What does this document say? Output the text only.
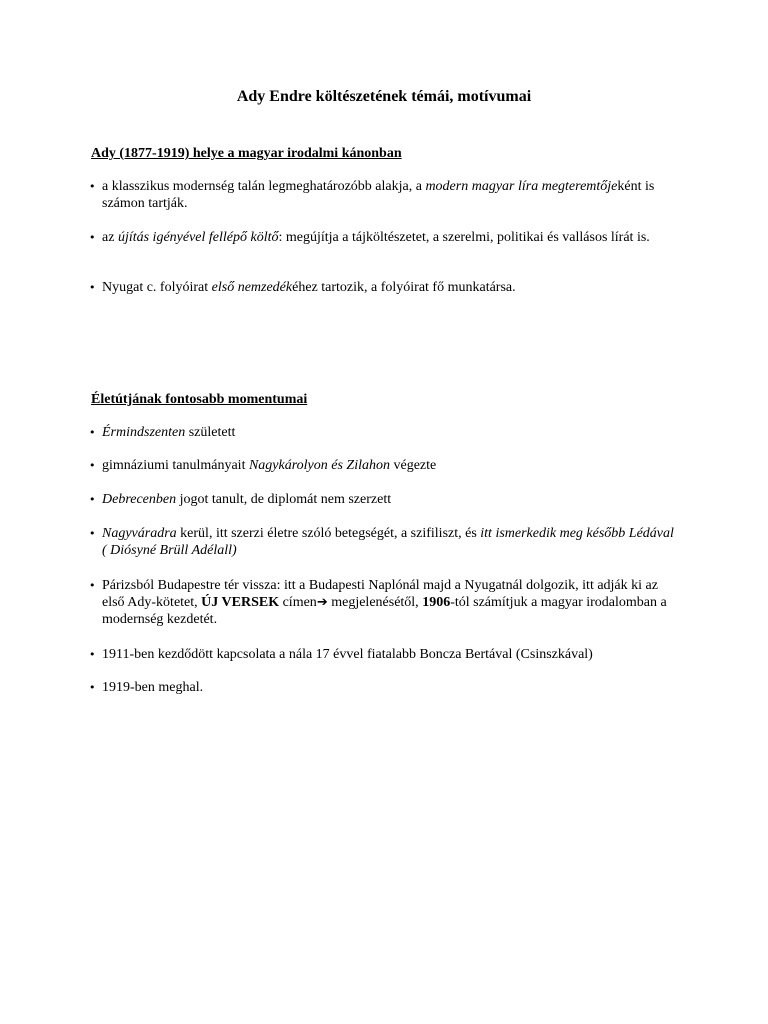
Ady Endre költészetének témái, motívumai
Ady (1877-1919) helye a magyar irodalmi kánonban
• a klasszikus modernség talán legmeghatározóbb alakja, a modern magyar líra megteremtőjeként is számon tartják.
• az újítás igényével fellépő költő: megújítja a tájköltészetet, a szerelmi, politikai és vallásos lírát is.
• Nyugat c. folyóirat első nemzedékéhez tartozik, a folyóirat fő munkatársa.
Életútjának fontosabb momentumai
• Érmindszenten született
• gimnáziumi tanulmányait Nagykárolyon és Zilahon végezte
• Debrecenben jogot tanult, de diplomát nem szerzett
• Nagyváradra kerül, itt szerzi életre szóló betegségét, a szifiliszt, és itt ismerkedik meg később Lédával ( Diósyné Brüll Adélall)
• Párizsból Budapestre tér vissza: itt a Budapesti Naplónál majd a Nyugatnál dolgozik, itt adják ki az első Ady-kötetet, ÚJ VERSEK címen➔ megjelenésétől, 1906-tól számítjuk a magyar irodalomban a modernség kezdetét.
• 1911-ben kezdődött kapcsolata a nála 17 évvel fiatalabb Boncza Bertával (Csinszkával)
• 1919-ben meghal.
